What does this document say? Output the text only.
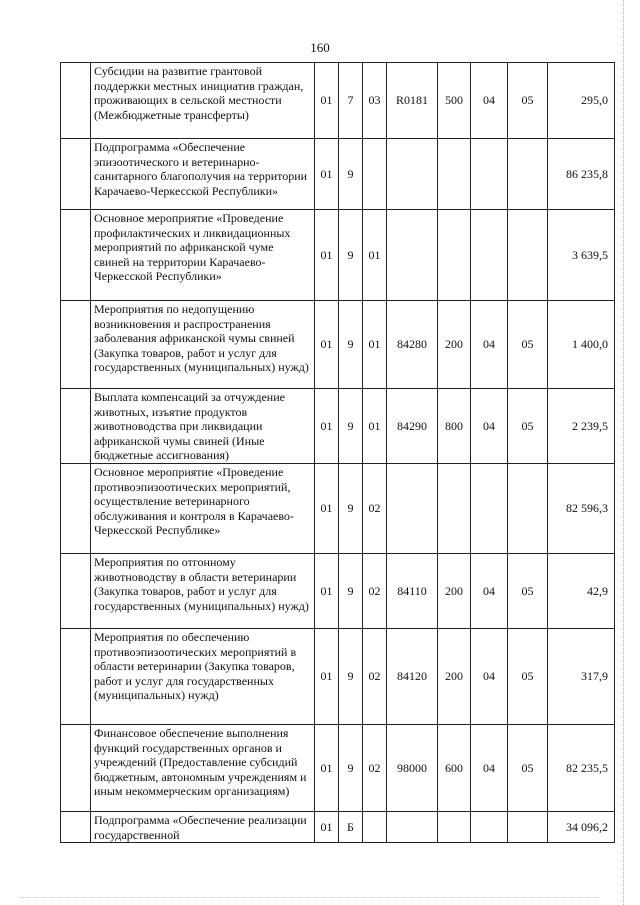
160
	Субсидии на развитие грантовой поддержки местных инициатив граждан, проживающих в сельской местности (Межбюджетные трансферты)	01	7	03	R0181	500	04	05	295,0
	Подпрограмма «Обеспечение эпизоотического и ветеринарно-санитарного благополучия на территории Карачаево-Черкесской Республики»	01	9						86 235,8
	Основное мероприятие «Проведение профилактических и ликвидационных мероприятий по африканской чуме свиней на территории Карачаево-Черкесской Республики»	01	9	01					3 639,5
	Мероприятия по недопущению возникновения и распространения заболевания африканской чумы свиней (Закупка товаров, работ и услуг для государственных (муниципальных) нужд)	01	9	01	84280	200	04	05	1 400,0
	Выплата компенсаций за отчуждение животных, изъятие продуктов животноводства при ликвидации африканской чумы свиней (Иные бюджетные ассигнования)	01	9	01	84290	800	04	05	2 239,5
	Основное мероприятие «Проведение противоэпизоотических мероприятий, осуществление ветеринарного обслуживания и контроля в Карачаево-Черкесской Республике»	01	9	02					82 596,3
	Мероприятия по отгонному животноводству в области ветеринарии (Закупка товаров, работ и услуг для государственных (муниципальных) нужд)	01	9	02	84110	200	04	05	42,9
	Мероприятия по обеспечению противоэпизоотических мероприятий в области ветеринарии (Закупка товаров, работ и услуг для государственных (муниципальных) нужд)	01	9	02	84120	200	04	05	317,9
	Финансовое обеспечение выполнения функций государственных органов и учреждений (Предоставление субсидий бюджетным, автономным учреждениям и иным некоммерческим организациям)	01	9	02	98000	600	04	05	82 235,5
	Подпрограмма «Обеспечение реализации государственной	01	Б						34 096,2
